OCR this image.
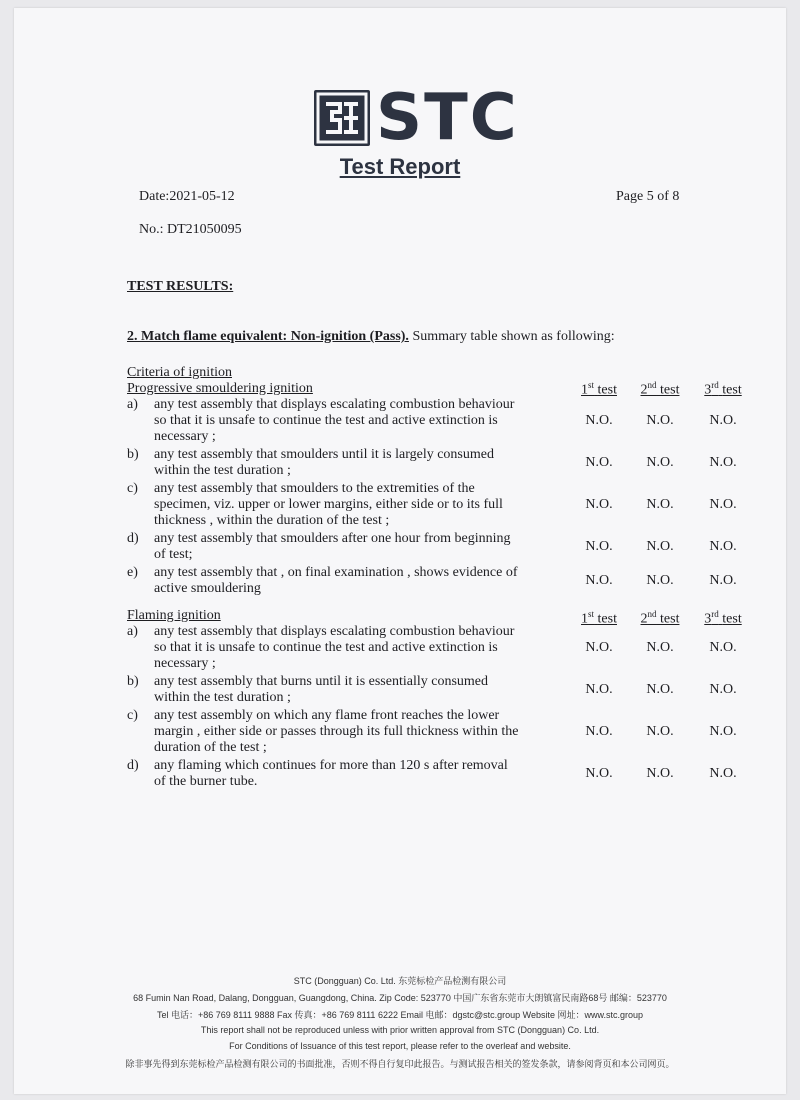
STC
Test Report
Date:2021-05-12	Page 5 of 8
No.: DT21050095
TEST RESULTS:
2. Match flame equivalent: Non-ignition (Pass). Summary table shown as following:
Criteria of ignition
Progressive smouldering ignition	1st test	2nd test	3rd test
a) any test assembly that displays escalating combustion behaviour
so that it is unsafe to continue the test and active extinction is
necessary ;
N.O.	N.O.	N.O.
b) any test assembly that smoulders until it is largely consumed
within the test duration ;
N.O.	N.O.	N.O.
c) any test assembly that smoulders to the extremities of the
specimen, viz. upper or lower margins, either side or to its full
thickness , within the duration of the test ;
N.O.	N.O.	N.O.
d) any test assembly that smoulders after one hour from beginning
of test;
N.O.	N.O.	N.O.
e) any test assembly that , on final examination , shows evidence of
active smouldering
N.O.	N.O.	N.O.
Flaming ignition	1st test	2nd test	3rd test
a) any test assembly that displays escalating combustion behaviour
so that it is unsafe to continue the test and active extinction is
necessary ;
N.O.	N.O.	N.O.
b) any test assembly that burns until it is essentially consumed
within the test duration ;
N.O.	N.O.	N.O.
c) any test assembly on which any flame front reaches the lower
margin , either side or passes through its full thickness within the
duration of the test ;
N.O.	N.O.	N.O.
d) any flaming which continues for more than 120 s after removal
of the burner tube.
N.O.	N.O.	N.O.
STC (Dongguan) Co. Ltd. 东莞标检产品检测有限公司
68 Fumin Nan Road, Dalang, Dongguan, Guangdong, China. Zip Code: 523770 中国广东省东莞市大朗镇富民南路68号 邮编：523770
Tel 电话：+86 769 8111 9888 Fax 传真：+86 769 8111 6222 Email 电邮：dgstc@stc.group Website 网址：www.stc.group
This report shall not be reproduced unless with prior written approval from STC (Dongguan) Co. Ltd.
For Conditions of Issuance of this test report, please refer to the overleaf and website.
除非事先得到东莞标检产品检测有限公司的书面批准，否则不得自行复印此报告。与测试报告相关的签发条款，请参阅背页和本公司网页。
